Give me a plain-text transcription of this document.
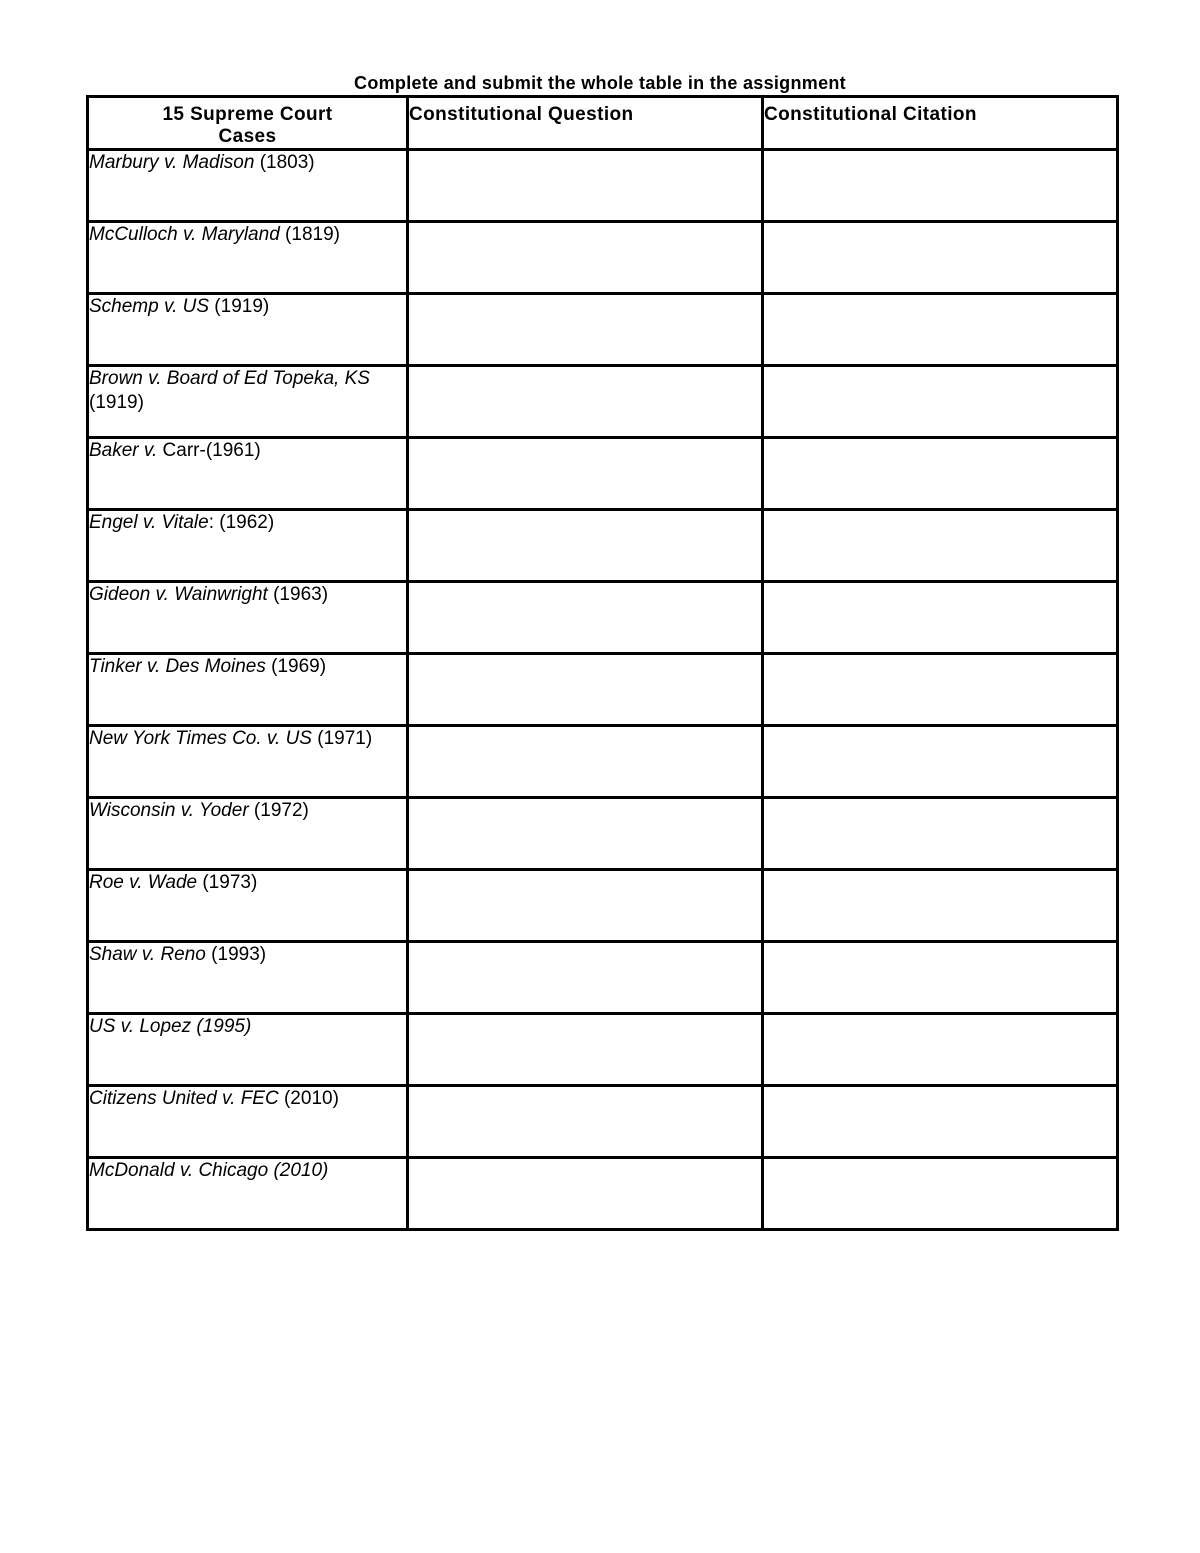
Complete and submit the whole table in the assignment
15 Supreme Court Cases	Constitutional Question	Constitutional Citation
Marbury v. Madison (1803)		
McCulloch v. Maryland (1819)		
Schemp v. US (1919)		
Brown v. Board of Ed Topeka, KS (1919)		
Baker v. Carr-(1961)		
Engel v. Vitale: (1962)		
Gideon v. Wainwright (1963)		
Tinker v. Des Moines (1969)		
New York Times Co. v. US (1971)		
Wisconsin v. Yoder (1972)		
Roe v. Wade (1973)		
Shaw v. Reno (1993)		
US v. Lopez (1995)		
Citizens United v. FEC (2010)		
McDonald v. Chicago (2010)		
